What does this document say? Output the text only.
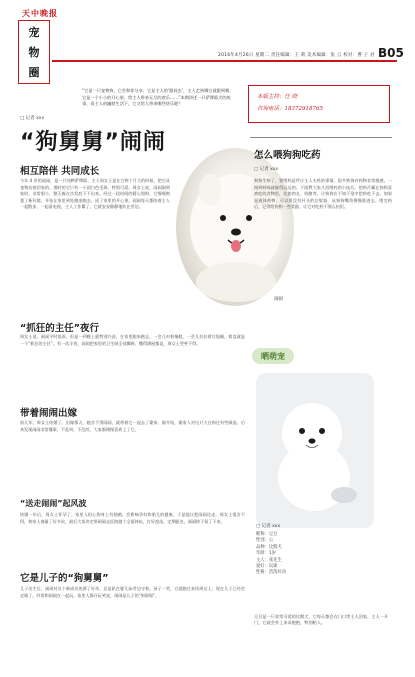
天中晚报
宠
物
圈
2016年4月26日 星期二 责任编辑：王 莉 美术编辑：张 云 校对：曹 子 君 B05
“它是一只宠物狗，它会和你分享；它是主人的‘跟屁虫’，主人走到哪它就跟到哪；它是一个小小的开心果，给主人带来无尽的欢乐……”本期讲述一只萨摩耶犬的故事，看主人的幽默生活下，它又给人带来哪些快乐呢？
本版主持：任 晓
咨询电话：18372918765
□ 记者 xxx
“狗舅舅”闹闹
相互陪伴 共同成长
今年 4 岁的闹闹，是一只纯种萨摩耶。主人周女士是在它两个月大的时候，把它从宠物店接回家的。那时的它只有一小团白色毛球，特别可爱。周女士说，闹闹刚到家时，非常胆小，整天躲在沙发底下不出来。经过一段时间的精心照料，它慢慢熟悉了新环境，开始在家里到处跑来跑去，成了家里的开心果。闹闹每天都陪着主人一起散步，一起看电视，主人工作累了，它就安安静静地趴在旁边。
闹闹
“抓狂的主任”夜行
周女士说，闹闹平时很乖，但是一到晚上就特别兴奋，在家里跑来跑去，一会儿叼着拖鞋，一会儿扒拉着垃圾桶，简直就是一个“抓狂的主任”。有一次半夜，闹闹把家里的卫生纸全部撕碎，撒得满屋都是，周女士哭笑不得。
带着闹闹出嫁
前几年，周女士结婚了。出嫁那天，她舍不得闹闹，就带着它一起去了婆家。刚开始，婆家人对这只大白狗还有些顾虑，后来发现闹闹非常懂事，不乱叫，不乱咬，大家都慢慢喜欢上了它。
“送走闹闹”起风波
结婚一年后，周女士怀孕了。家里人担心狗身上有细菌，会影响孕妇和胎儿的健康，于是提议把闹闹送走。周女士很舍不得，和家人商量了好多次，最后大家决定带闹闹去医院做个全面体检，打好疫苗，定期驱虫，闹闹终于留了下来。
它是儿子的“狗舅舅”
儿子出生后，闹闹对这个新成员充满了好奇，总是趴在婴儿床旁边守着。孩子一哭，它就跑过来找周女士。现在儿子已经会走路了，经常和闹闹在一起玩。家里人都开玩笑说，闹闹是儿子的“狗舅舅”。
怎么喂狗狗吃药
□ 记者 xxx
狗狗生病了，要喂药是件让主人头疼的事情。很多狗狗对药物非常敏感，一闻到药味就躲得远远的。下面教大家几招喂药的小技巧。把药片藏在狗狗喜欢吃的食物里，比如肉丸、奶酪等，让狗狗在不知不觉中把药吃下去。如果是液体药物，可以用没有针头的注射器，从狗狗嘴角慢慢推进去。喂完药后，记得给狗狗一些奖励，让它对吃药不那么抗拒。
晒萌宠
□ 记者 xxx
昵称：豆豆
性别：公
品种：比熊犬
年龄：1岁
主人：张先生
爱好：玩球
性格：活泼好动
豆豆是一只非常可爱的比熊犬，它每天都会在门口等主人回家。主人一开门，它就会扑上来求抱抱，特别粘人。
